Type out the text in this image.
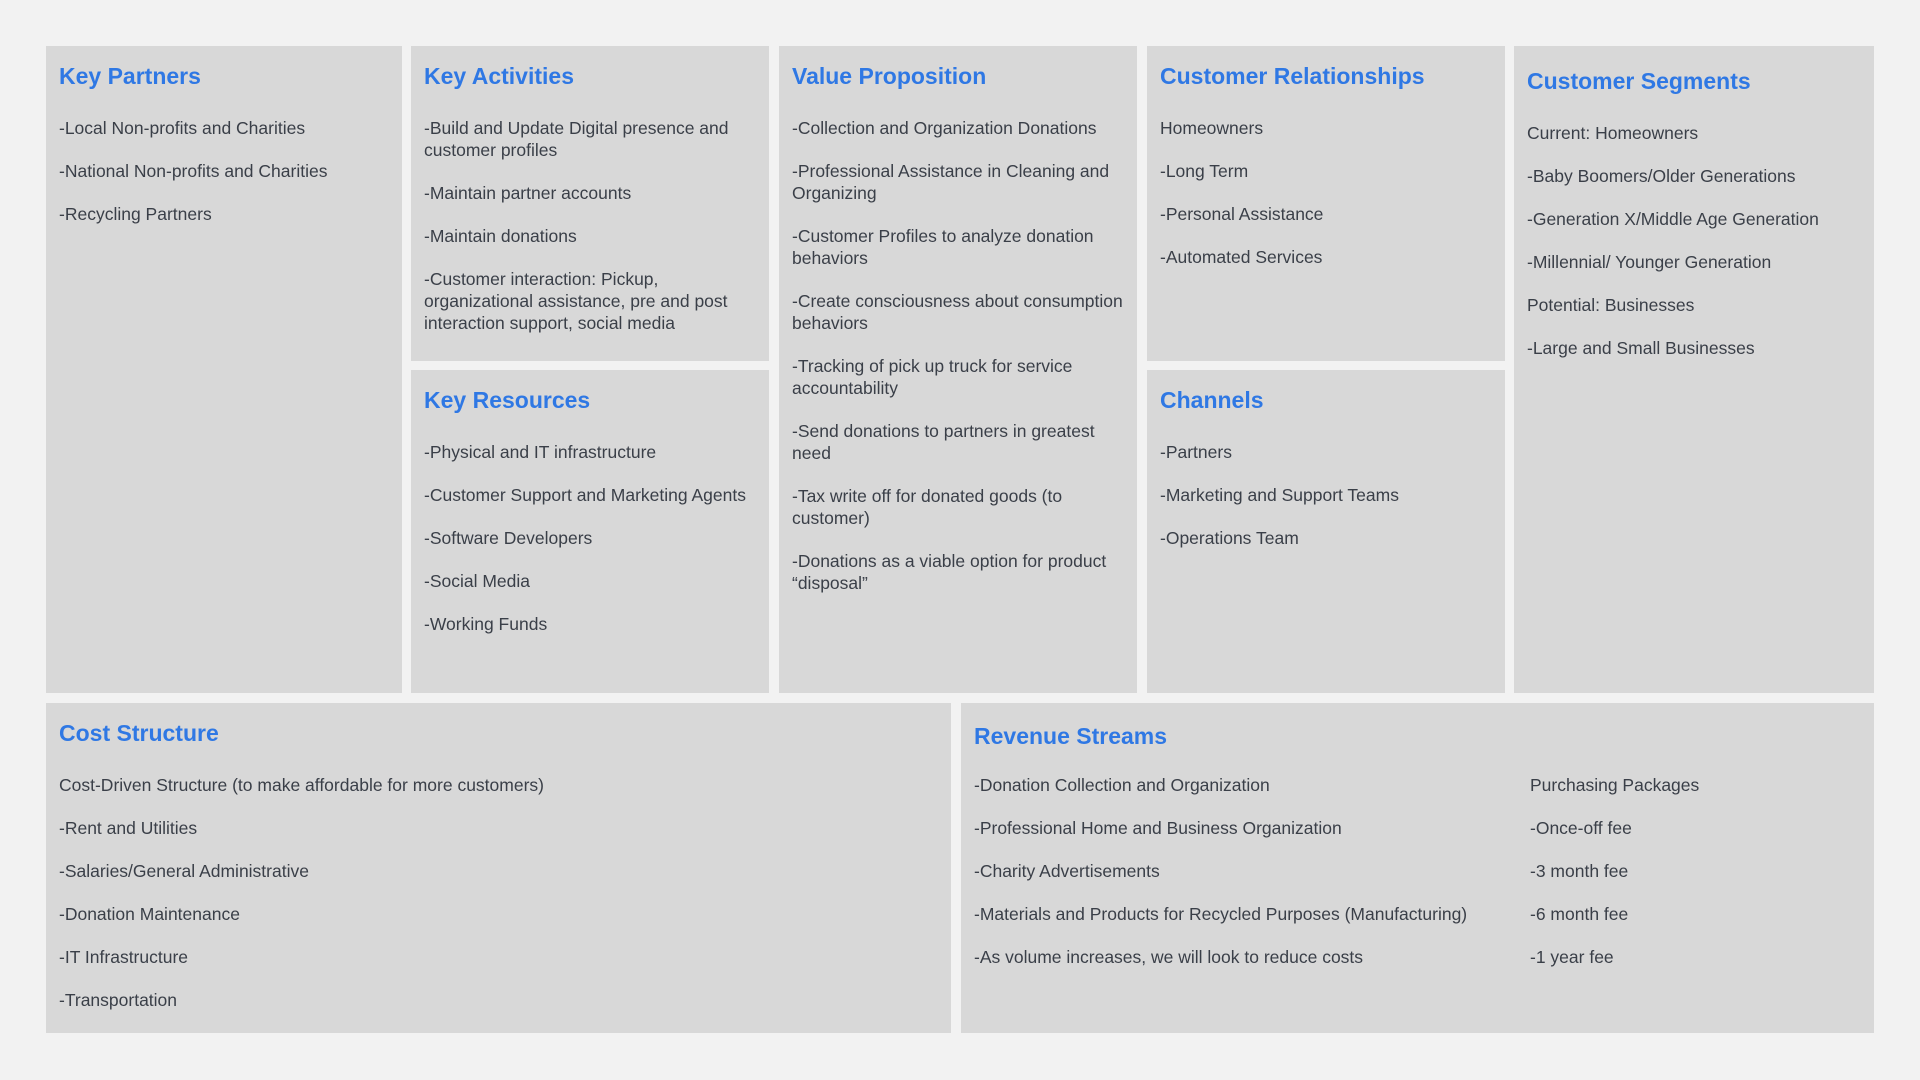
Key Partners
-Local Non-profits and Charities
-National Non-profits and Charities
-Recycling Partners
Key Activities
-Build and Update Digital presence and customer profiles
-Maintain partner accounts
-Maintain donations
-Customer interaction: Pickup, organizational assistance, pre and post interaction support, social media
Key Resources
-Physical and IT infrastructure
-Customer Support and Marketing Agents
-Software Developers
-Social Media
-Working Funds
Value Proposition
-Collection and Organization Donations
-Professional Assistance in Cleaning and Organizing
-Customer Profiles to analyze donation behaviors
-Create consciousness about consumption behaviors
-Tracking of pick up truck for service accountability
-Send donations to partners in greatest need
-Tax write off for donated goods (to customer)
-Donations as a viable option for product “disposal”
Customer Relationships
Homeowners
-Long Term
-Personal Assistance
-Automated Services
Channels
-Partners
-Marketing and Support Teams
-Operations Team
Customer Segments
Current: Homeowners
-Baby Boomers/Older Generations
-Generation X/Middle Age Generation
-Millennial/ Younger Generation
Potential: Businesses
-Large and Small Businesses
Cost Structure
Cost-Driven Structure (to make affordable for more customers)
-Rent and Utilities
-Salaries/General Administrative
-Donation Maintenance
-IT Infrastructure
-Transportation
Revenue Streams
-Donation Collection and Organization
-Professional Home and Business Organization
-Charity Advertisements
-Materials and Products for Recycled Purposes (Manufacturing)
-As volume increases, we will look to reduce costs
Purchasing Packages
-Once-off fee
-3 month fee
-6 month fee
-1 year fee
